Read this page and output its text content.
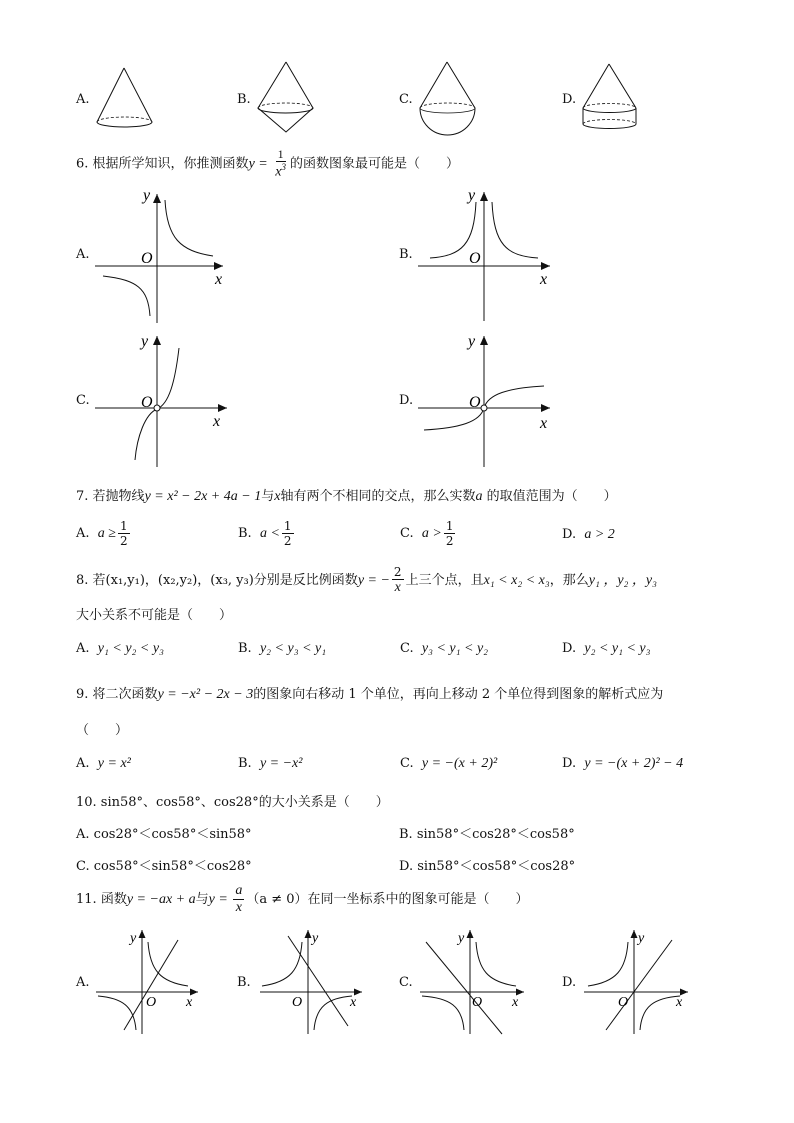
A.	B.	C.	D.
6. 根据所学知识，你推测函数$y = \frac{1}{x^3}$ 的函数图象最可能是（　　）
A.
y
O
x
B.
y
O
x
C.
y
O
x
D.
y
O
x
7. 若抛物线y = x² − 2x + 4a − 1与x轴有两个不相同的交点，那么实数a 的取值范围为（　　）
A. $a \ge \frac{1}{2}$	B. $a < \frac{1}{2}$	C. $a > \frac{1}{2}$	D. a > 2
8. 若(x₁,y₁)，(x₂,y₂)，(x₃, y₃)分别是反比例函数y = − $\frac{2}{x}$ 上三个点，且x₁ < x₂ < x₃，那么y₁ ，y₂ ，y₃
大小关系不可能是（　　）
A. y₁ < y₂ < y₃	B. y₂ < y₃ < y₁	C. y₃ < y₁ < y₂	D. y₂ < y₁ < y₃
9. 将二次函数y = −x² − 2x − 3的图象向右移动 1 个单位，再向上移动 2 个单位得到图象的解析式应为
（　　）
A. y = x²	B. y = −x²	C. y = −(x + 2)²	D. y = −(x + 2)² − 4
10. sin58°、cos58°、cos28°的大小关系是（　　）
A. cos28°＜cos58°＜sin58°	B. sin58°＜cos28°＜cos58°
C. cos58°＜sin58°＜cos28°	D. sin58°＜cos58°＜cos28°
11. 函数y = −ax + a与$y = \frac{a}{x} (a \ne 0)$在同一坐标系中的图象可能是（　　）
A.
y
O x
B.
y
O	x
C.
y
O x
D.
y
O	x
